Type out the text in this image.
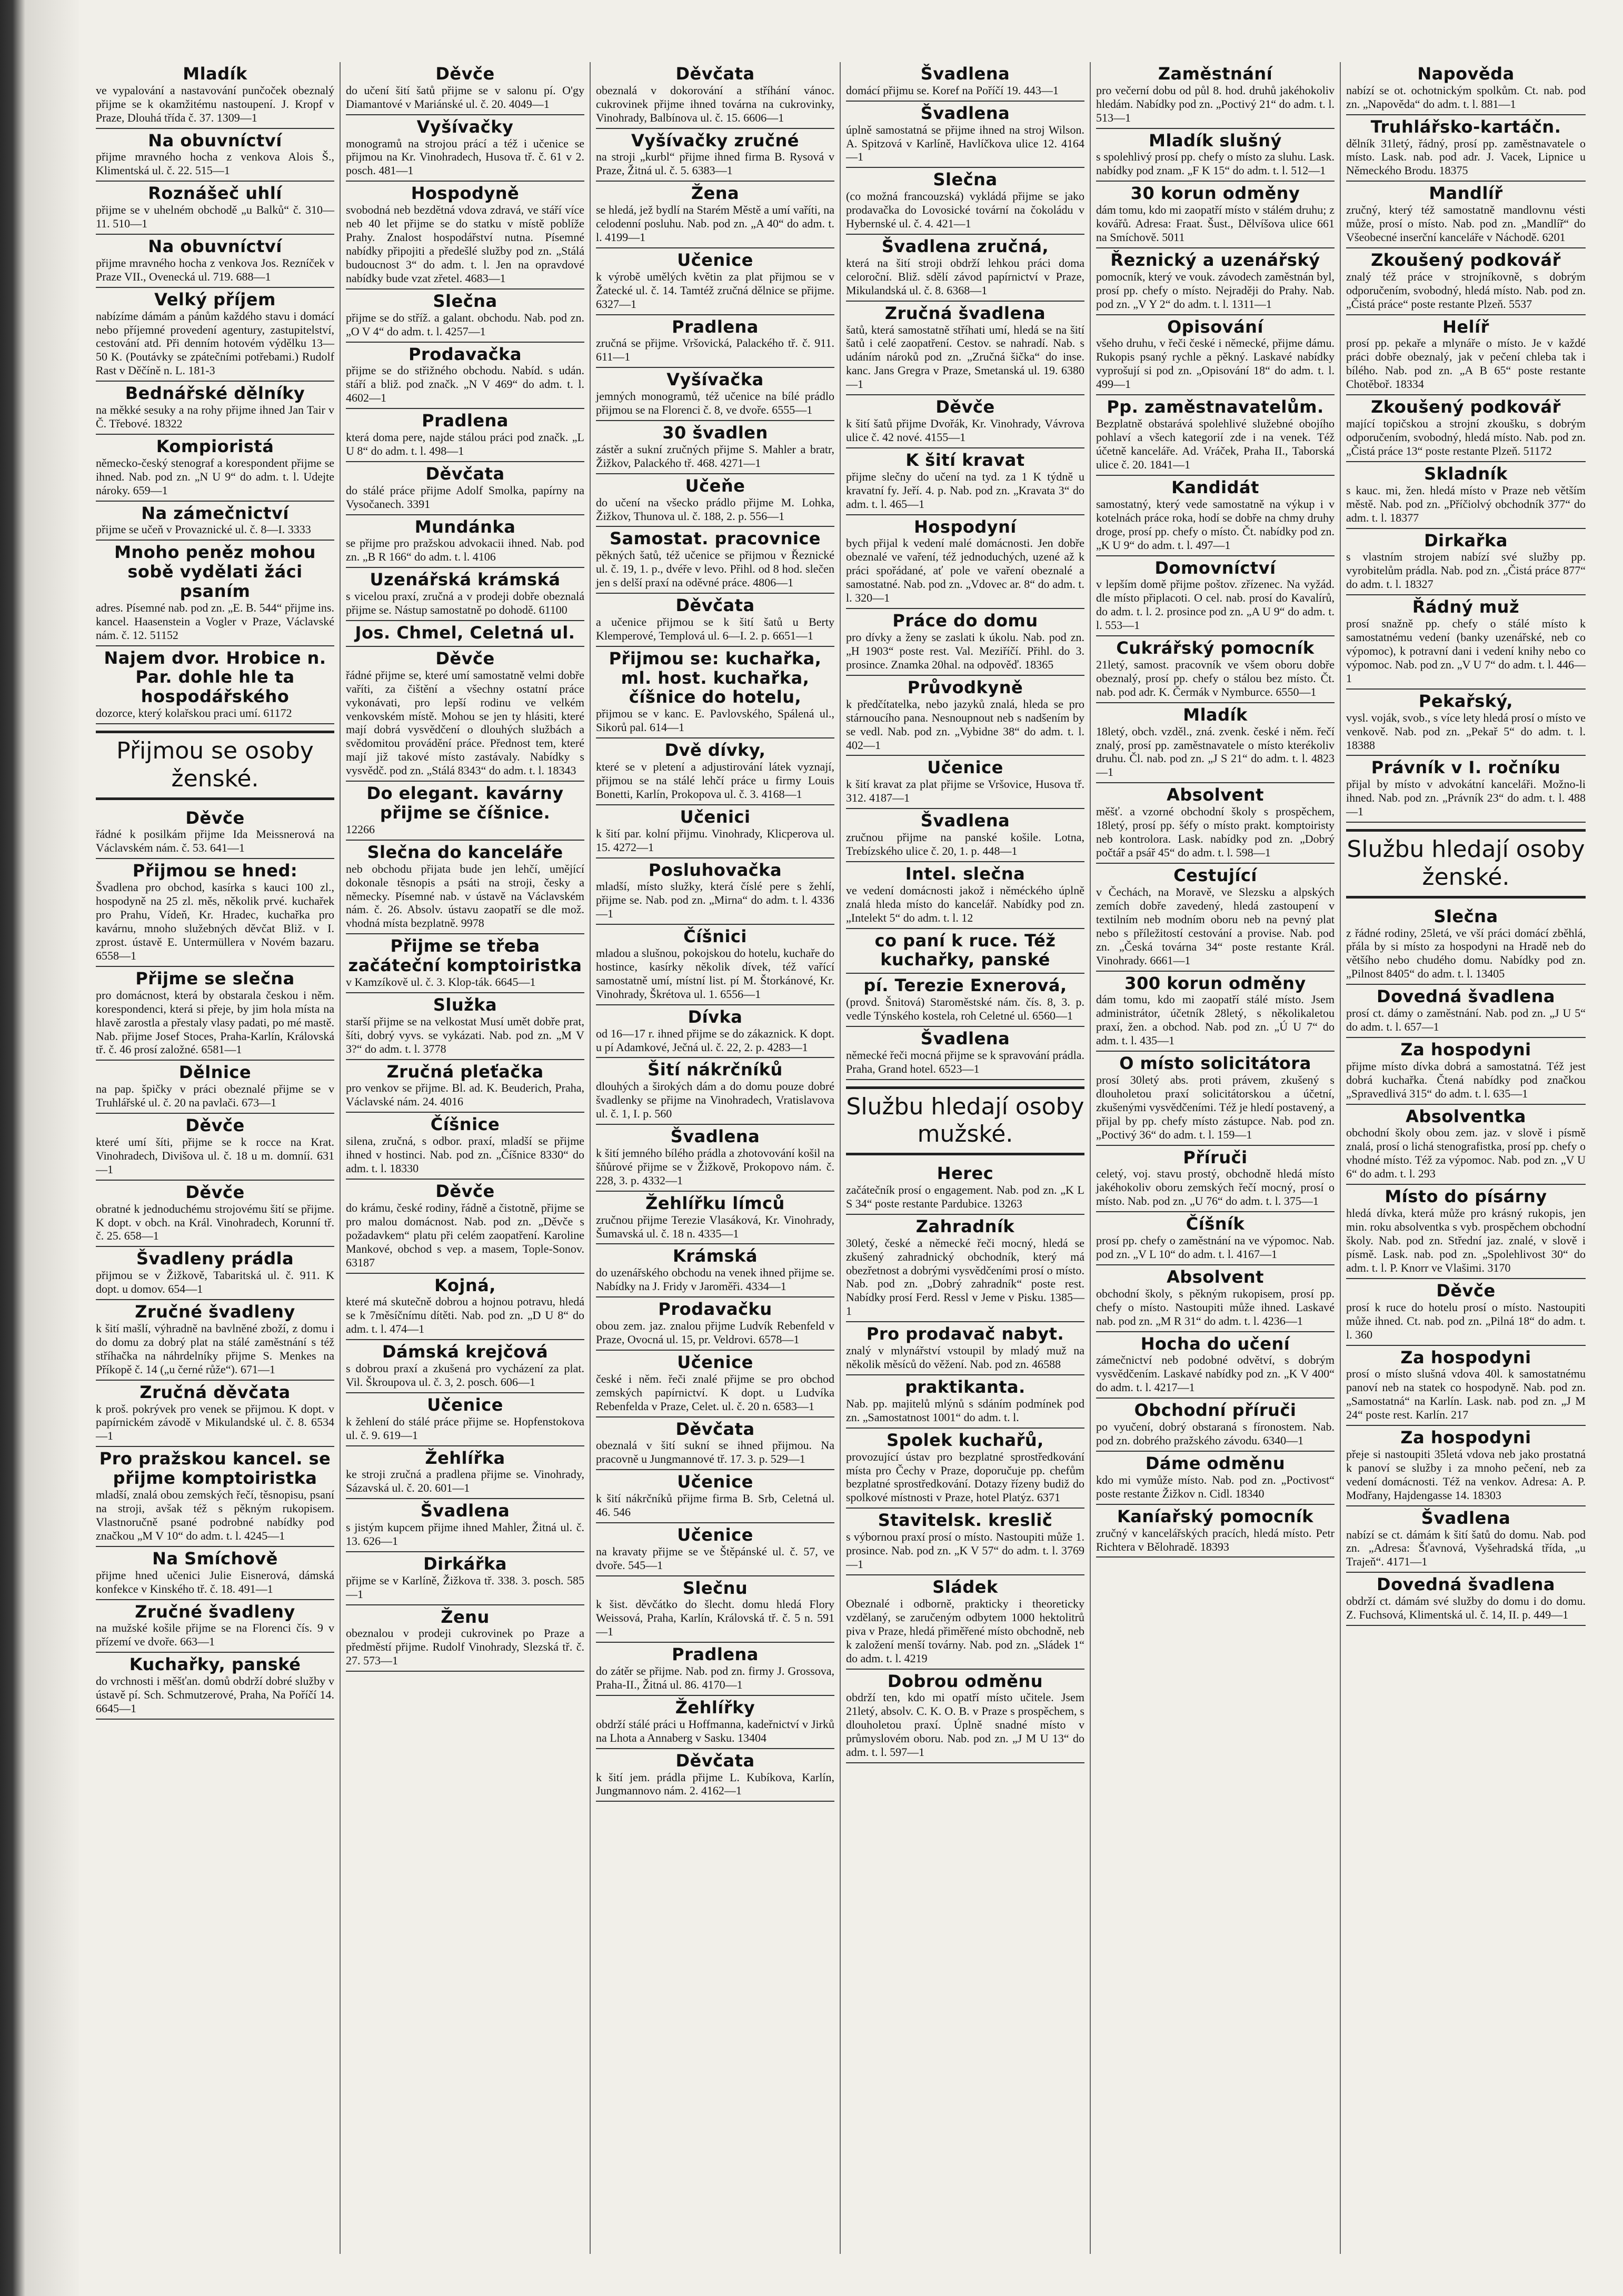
Mladík

ve vypalování a nastavování punčoček obeznalý přijme se k okamžitému nastoupení. J. Kropf v Praze, Dlouhá třída č. 37. 1309—1

Na obuvníctví

přijme mravného hocha z venkova Alois Š., Klimentská ul. č. 22. 515—1

Roznášeč uhlí

přijme se v uhelném obchodě „u Balků“ č. 310—11. 510—1

Na obuvníctví

přijme mravného hocha z venkova Jos. Rezníček v Praze VII., Ovenecká ul. 719. 688—1

Velký příjem

nabízíme dámám a pánům každého stavu i domácí nebo příjemné provedení agentury, zastupitelství, cestování atd. Při denním hotovém výdělku 13—50 K. (Poutávky se zpátečními potřebami.) Rudolf Rast v Děčíně n. L. 181-3

Bednářské dělníky

na měkké sesuky a na rohy přijme ihned Jan Tair v Č. Třebové. 18322

Kompioristá

německo-český stenograf a korespondent přijme se ihned. Nab. pod zn. „N U 9“ do adm. t. l. Udejte nároky. 659—1

Na zámečnictví

přijme se učeň v Provaznické ul. č. 8—I. 3333

Mnoho peněz mohou sobě vydělati žáci psaním

adres. Písemné nab. pod zn. „E. B. 544“ přijme ins. kancel. Haasenstein a Vogler v Praze, Václavské nám. č. 12. 51152

Najem dvor. Hrobice n. Par. dohle hle ta hospodářského

dozorce, který kolařskou praci umí. 61172

Přijmou se osoby ženské.
Děvče

řádné k posilkám přijme Ida Meissnerová na Václavském nám. č. 53. 641—1

Přijmou se hned:

Švadlena pro obchod, kasírka s kauci 100 zl., hospodyně na 25 zl. měs, několik prvé. kuchařek pro Prahu, Vídeň, Kr. Hradec, kuchařka pro kavárnu, mnoho služebných děvčat Bliž. v I. zprost. ústavě E. Untermüllera v Novém bazaru. 6558—1

Přijme se slečna

pro domácnost, která by obstarala českou i něm. korespondenci, která si přeje, by jim hola místa na hlavě zarostla a přestaly vlasy padati, po mé mastě. Nab. přijme Josef Stoces, Praha-Karlín, Královská tř. č. 46 prosí založné. 6581—1

Dělnice

na pap. špičky v práci obeznalé přijme se v Truhlářské ul. č. 20 na pavlači. 673—1

Děvče

které umí šíti, přijme se k rocce na Krat. Vinohradech, Divišova ul. č. 18 u m. domníí. 631—1

Děvče

obratné k jednoduchému strojovému šití se přijme. K dopt. v obch. na Král. Vinohradech, Korunní tř. č. 25. 658—1

Švadleny prádla

přijmou se v Žižkově, Tabaritská ul. č. 911. K dopt. u domov. 654—1

Zručné švadleny

k šití mašlí, výhradně na bavlněné zboží, z domu i do domu za dobrý plat na stálé zaměstnání s též stříhačka na náhrdelníky přijme S. Menkes na Příkopě č. 14 („u černé růže“). 671—1

Zručná děvčata

k proš. pokrývek pro venek se přijmou. K dopt. v papírnickém závodě v Mikulandské ul. č. 8. 6534—1

Pro pražskou kancel. se přijme komptoiristka

mladší, znalá obou zemských řečí, těsnopisu, psaní na stroji, avšak též s pěkným rukopisem. Vlastnoručně psané podrobné nabídky pod značkou „M V 10“ do adm. t. l. 4245—1

Na Smíchově

přijme hned učenici Julie Eisnerová, dámská konfekce v Kinského tř. č. 18. 491—1

Zručné švadleny

na mužské košile přijme se na Florenci čís. 9 v přízemí ve dvoře. 663—1

Kuchařky, panské

do vrchnosti i měšťan. domů obdrží dobré služby v ústavě pí. Sch. Schmutzerové, Praha, Na Poříčí 14. 6645—1

Děvče

do učení šití šatů přijme se v salonu pí. O'gy Diamantové v Mariánské ul. č. 20. 4049—1

Vyšívačky

monogramů na strojou prácí a též i učenice se přijmou na Kr. Vinohradech, Husova tř. č. 61 v 2. posch. 481—1

Hospodyně

svobodná neb bezdětná vdova zdravá, ve stáří více neb 40 let přijme se do statku v místě poblíže Prahy. Znalost hospodářství nutna. Písemné nabídky připojiti a předešlé služby pod zn. „Stálá budoucnost 3“ do adm. t. l. Jen na opravdové nabídky bude vzat zřetel. 4683—1

Slečna

přijme se do stříž. a galant. obchodu. Nab. pod zn. „O V 4“ do adm. t. l. 4257—1

Prodavačka

přijme se do střižného obchodu. Nabíd. s udán. stáří a bliž. pod značk. „N V 469“ do adm. t. l. 4602—1

Pradlena

která doma pere, najde stálou práci pod značk. „L U 8“ do adm. t. l. 498—1

Děvčata

do stálé práce přijme Adolf Smolka, papírny na Vysočanech. 3391

Mundánka

se přijme pro pražskou advokacii ihned. Nab. pod zn. „B R 166“ do adm. t. l. 4106

Uzenářská krámská

s vicelou praxí, zručná a v prodeji dobře obeznalá přijme se. Nástup samostatně po dohodě. 61100

Jos. Chmel, Celetná ul.
Děvče

řádné přijme se, které umí samostatně velmi dobře vaříti, za čištění a všechny ostatní práce vykonávati, pro lepší rodinu ve velkém venkovském místě. Mohou se jen ty hlásiti, které mají dobrá vysvědčení o dlouhých službách a svědomitou provádění práce. Přednost tem, které mají již takové místo zastávaly. Nabídky s vysvědč. pod zn. „Stálá 8343“ do adm. t. l. 18343

Do elegant. kavárny přijme se číšnice.

12266

Slečna do kanceláře

neb obchodu přijata bude jen lehčí, umějící dokonale těsnopis a psáti na stroji, česky a německy. Písemné nab. v ústavě na Václavském nám. č. 26. Absolv. ústavu zaopatří se dle mož. vhodná místa bezplatně. 9978

Přijme se třeba začáteční komptoiristka

v Kamzíkově ul. č. 3. Klop-ták. 6645—1

Služka

starší přijme se na velkostat Musí umět dobře prat, šíti, dobrý vyvs. se vykázati. Nab. pod zn. „M V 3?“ do adm. t. l. 3778

Zručná pleťačka

pro venkov se přijme. Bl. ad. K. Beuderich, Praha, Václavské nám. 24. 4016

Číšnice

silena, zručná, s odbor. praxí, mladší se přijme ihned v hostinci. Nab. pod zn. „Číšnice 8330“ do adm. t. l. 18330

Děvče

do krámu, české rodiny, řádně a čistotně, přijme se pro malou domácnost. Nab. pod zn. „Děvče s požadavkem“ platu při celém zaopatření. Karoline Mankové, obchod s vep. a masem, Tople-Sonov. 63187

Kojná,

které má skutečně dobrou a hojnou potravu, hledá se k 7měsíčnímu dítěti. Nab. pod zn. „D U 8“ do adm. t. l. 474—1

Dámská krejčová

s dobrou praxí a zkušená pro vycházení za plat. Vil. Škroupova ul. č. 3, 2. posch. 606—1

Učenice

k žehlení do stálé práce přijme se. Hopfenstokova ul. č. 9. 619—1

Žehlířka

ke stroji zručná a pradlena přijme se. Vinohrady, Sázavská ul. č. 20. 601—1

Švadlena

s jistým kupcem přijme ihned Mahler, Žitná ul. č. 13. 626—1

Dirkářka

přijme se v Karlíně, Žižkova tř. 338. 3. posch. 585—1

Ženu

obeznalou v prodeji cukrovinek po Praze a předměstí přijme. Rudolf Vinohrady, Slezská tř. č. 27. 573—1

Děvčata

obeznalá v dokorování a stříhání vánoc. cukrovinek přijme ihned továrna na cukrovinky, Vinohrady, Balbínova ul. č. 15. 6606—1

Vyšívačky zručné

na stroji „kurbl“ přijme ihned firma B. Rysová v Praze, Žitná ul. č. 5. 6383—1

Žena

se hledá, jež bydlí na Starém Městě a umí vaříti, na celodenní posluhu. Nab. pod zn. „A 40“ do adm. t. l. 4199—1

Učenice

k výrobě umělých květin za plat přijmou se v Žatecké ul. č. 14. Tamtéž zručná dělnice se přijme. 6327—1

Pradlena

zručná se přijme. Vršovická, Palackého tř. č. 911. 611—1

Vyšívačka

jemných monogramů, též učenice na bílé prádlo přijmou se na Florenci č. 8, ve dvoře. 6555—1

30 švadlen

zástěr a sukní zručných přijme S. Mahler a bratr, Žižkov, Palackého tř. 468. 4271—1

Učeňe

do učení na všecko prádlo přijme M. Lohka, Žižkov, Thunova ul. č. 188, 2. p. 556—1

Samostat. pracovnice

pěkných šatů, též učenice se přijmou v Řeznické ul. č. 19, 1. p., dvéře v levo. Přihl. od 8 hod. slečen jen s delší praxí na oděvné práce. 4806—1

Děvčata

a učenice přijmou se k šití šatů u Berty Klemperové, Templová ul. 6—I. 2. p. 6651—1

Přijmou se: kuchařka, ml. host. kuchařka, číšnice do hotelu,

přijmou se v kanc. E. Pavlovského, Spálená ul., Sikorů pal. 614—1

Dvě dívky,

které se v pletení a adjustirování látek vyznají, přijmou se na stálé lehčí práce u firmy Louis Bonetti, Karlín, Prokopova ul. č. 3. 4168—1

Učenici

k šití par. kolní přijmu. Vinohrady, Klicperova ul. 15. 4272—1

Posluhovačka

mladší, místo služky, která číslé pere s žehlí, přijme se. Nab. pod zn. „Mirna“ do adm. t. l. 4336—1

Číšnici

mladou a slušnou, pokojskou do hotelu, kuchaře do hostince, kasírky několik dívek, též vařící samostatně umí, místní list. pí M. Štorkánové, Kr. Vinohrady, Škrétova ul. 1. 6556—1

Dívka

od 16—17 r. ihned přijme se do zákaznick. K dopt. u pí Adamkové, Ječná ul. č. 22, 2. p. 4283—1

Šití nákrčníků

dlouhých a širokých dám a do domu pouze dobré švadlenky se přijme na Vinohradech, Vratislavova ul. č. 1, I. p. 560

Švadlena

k šití jemného bílého prádla a zhotovování košil na šňůrové přijme se v Žižkově, Prokopovo nám. č. 228, 3. p. 4332—1

Žehlířku límců

zručnou přijme Terezie Vlasáková, Kr. Vinohrady, Šumavská ul. č. 18 n. 4335—1

Krámská

do uzenářského obchodu na venek ihned přijme se. Nabídky na J. Fridy v Jaroměři. 4334—1

Prodavačku

obou zem. jaz. znalou přijme Ludvík Rebenfeld v Praze, Ovocná ul. 15, pr. Veldrovi. 6578—1

Učenice

české i něm. řeči znalé přijme se pro obchod zemských papírnictví. K dopt. u Ludvíka Rebenfelda v Praze, Celet. ul. č. 20 n. 6583—1

Děvčata

obeznalá v šití sukní se ihned přijmou. Na pracovně u Jungmannové tř. 17. 3. p. 529—1

Učenice

k šití nákrčníků přijme firma B. Srb, Celetná ul. 46. 546

Učenice

na kravaty přijme se ve Štěpánské ul. č. 57, ve dvoře. 545—1

Slečnu

k šist. děvčátko do šlecht. domu hledá Flory Weissová, Praha, Karlín, Královská tř. č. 5 n. 591—1

Pradlena

do zátěr se přijme. Nab. pod zn. firmy J. Grossova, Praha-II., Žitná ul. 86. 4170—1

Žehlířky

obdrží stálé práci u Hoffmanna, kadeřnictví v Jirků na Lhota a Annaberg v Sasku. 13404

Děvčata

k šití jem. prádla přijme L. Kubíkova, Karlín, Jungmannovo nám. 2. 4162—1

Švadlena

domácí přijmu se. Koref na Poříčí 19. 443—1

Švadlena

úplně samostatná se přijme ihned na stroj Wilson. A. Spitzová v Karlíně, Havlíčkova ulice 12. 4164—1

Slečna

(co možná francouzská) vykládá přijme se jako prodavačka do Lovosické tovární na čokoládu v Hybernské ul. č. 4. 421—1

Švadlena zručná,

která na šití stroji obdrží lehkou práci doma celoroční. Bliž. sdělí závod papírnictví v Praze, Mikulandská ul. č. 8. 6368—1

Zručná švadlena

šatů, která samostatně stříhati umí, hledá se na šití šatů i celé zaopatření. Cestov. se nahradí. Nab. s udáním nároků pod zn. „Zručná šička“ do inse. kanc. Jans Gregra v Praze, Smetanská ul. 19. 6380—1

Děvče

k šití šatů přijme Dvořák, Kr. Vinohrady, Vávrova ulice č. 42 nové. 4155—1

K šití kravat

přijme slečny do učení na tyd. za 1 K týdně u kravatní fy. Jeří. 4. p. Nab. pod zn. „Kravata 3“ do adm. t. l. 465—1

Hospodyní

bych přijal k vedení malé domácnosti. Jen dobře obeznalé ve vaření, též jednoduchých, uzené až k práci spořádané, ať pole ve vaření obeznalé a samostatné. Nab. pod zn. „Vdovec ar. 8“ do adm. t. l. 320—1

Práce do domu

pro dívky a ženy se zaslati k úkolu. Nab. pod zn. „H 1903“ poste rest. Val. Meziříčí. Přihl. do 3. prosince. Znamka 20hal. na odpověď. 18365

Průvodkyně

k předčítatelka, nebo jazyků znalá, hleda se pro stárnoucího pana. Nesnoupnout neb s nadšením by se vedl. Nab. pod zn. „Vybidne 38“ do adm. t. l. 402—1

Učenice

k šití kravat za plat přijme se Vršovice, Husova tř. 312. 4187—1

Švadlena

zručnou přijme na panské košile. Lotna, Trebízského ulice č. 20, 1. p. 448—1

Intel. slečna

ve vedení domácnosti jakož i něméckého úplně znalá hleda místo do kancelář. Nabídky pod zn. „Intelekt 5“ do adm. t. l. 12

co paní k ruce. Též kuchařky, panské
pí. Terezie Exnerová,

(provd. Šnitová) Staroměstské nám. čís. 8, 3. p. vedle Týnského kostela, roh Celetné ul. 6560—1

Švadlena

německé řeči mocná přijme se k spravování prádla. Praha, Grand hotel. 6523—1

Službu hledají osoby mužské.
Herec

začátečník prosí o engagement. Nab. pod zn. „K L S 34“ poste restante Pardubice. 13263

Zahradník

30letý, české a německé řeči mocný, hledá se zkušený zahradnický obchodník, který má obezřetnost a dobrými vysvědčeními prosí o místo. Nab. pod zn. „Dobrý zahradník“ poste rest. Nabídky prosí Ferd. Ressl v Jeme v Pisku. 1385—1

Pro prodavač nabyt.

znalý v mlynářství vstoupil by mladý muž na několik měsíců do věžení. Nab. pod zn. 46588

praktikanta.

Nab. pp. majitelů mlýnů s sdáním podmínek pod zn. „Samostatnost 1001“ do adm. t. l.

Spolek kuchařů,

provozující ústav pro bezplatné sprostředkování místa pro Čechy v Praze, doporučuje pp. chefům bezplatné sprostředkování. Dotazy řízeny budiž do spolkové místnosti v Praze, hotel Platýz. 6371

Stavitelsk. kreslič

s výbornou praxí prosí o místo. Nastoupiti může 1. prosince. Nab. pod zn. „K V 57“ do adm. t. l. 3769—1

Sládek

Obeznalé i odborně, prakticky i theoreticky vzdělaný, se zaručeným odbytem 1000 hektolitrů piva v Praze, hledá přiměřené místo obchodně, neb k založení menší továrny. Nab. pod zn. „Sládek 1“ do adm. t. l. 4219

Dobrou odměnu

obdrží ten, kdo mi opatří místo učitele. Jsem 21letý, absolv. C. K. O. B. v Praze s prospěchem, s dlouholetou praxí. Úplně snadné místo v průmyslovém oboru. Nab. pod zn. „J M U 13“ do adm. t. l. 597—1

Zaměstnání

pro večerní dobu od půl 8. hod. druhů jakéhokoliv hledám. Nabídky pod zn. „Poctivý 21“ do adm. t. l. 513—1

Mladík slušný

s spolehlivý prosí pp. chefy o místo za sluhu. Lask. nabídky pod znam. „F K 15“ do adm. t. l. 512—1

30 korun odměny

dám tomu, kdo mi zaopatří místo v stálém druhu; z kovářů. Adresa: Fraat. Šust., Dělvíšova ulice 661 na Smíchově. 5011

Řeznický a uzenářský

pomocník, který ve vouk. závodech zaměstnán byl, prosí pp. chefy o místo. Nejraději do Prahy. Nab. pod zn. „V Y 2“ do adm. t. l. 1311—1

Opisování

všeho druhu, v řeči české i německé, přijme dámu. Rukopis psaný rychle a pěkný. Laskavé nabídky vyprošují si pod zn. „Opisování 18“ do adm. t. l. 499—1

Pp. zaměstnavatelům.

Bezplatně obstarává spolehlivé služebné obojího pohlaví a všech kategorií zde i na venek. Též účetně kanceláře. Ad. Vráček, Praha II., Taborská ulice č. 20. 1841—1

Kandidát

samostatný, který vede samostatně na výkup i v kotelnách práce roka, hodí se dobře na chmy druhy droge, prosí pp. chefy o místo. Čt. nabídky pod zn. „K U 9“ do adm. t. l. 497—1

Domovníctví

v lepším domě přijme poštov. zřízenec. Na vyžád. dle místo připlacoti. O cel. nab. prosí do Kavalírů, do adm. t. l. 2. prosince pod zn. „A U 9“ do adm. t. l. 553—1

Cukrářský pomocník

21letý, samost. pracovník ve všem oboru dobře obeznalý, prosí pp. chefy o stálou bez místo. Čt. nab. pod adr. K. Čermák v Nymburce. 6550—1

Mladík

18letý, obch. vzděl., zná. zvenk. české i něm. řečí znalý, prosí pp. zaměstnavatele o místo kterékoliv druhu. Čl. nab. pod zn. „J S 21“ do adm. t. l. 4823—1

Absolvent

měšť. a vzorné obchodní školy s prospěchem, 18letý, prosí pp. šéfy o místo prakt. komptoiristy neb kontrolora. Lask. nabídky pod zn. „Dobrý počtář a psář 45“ do adm. t. l. 598—1

Cestující

v Čechách, na Moravě, ve Slezsku a alpských zemích dobře zavedený, hledá zastoupení v textilním neb modním oboru neb na pevný plat nebo s příležitostí cestování a provise. Nab. pod zn. „Česká továrna 34“ poste restante Král. Vinohrady. 6661—1

300 korun odměny

dám tomu, kdo mi zaopatří stálé místo. Jsem administrátor, účetník 28letý, s několikaletou praxí, žen. a obchod. Nab. pod zn. „Ú U 7“ do adm. t. l. 435—1

O místo solicitátora

prosí 30letý abs. proti právem, zkušený s dlouholetou praxí solicitátorskou a účetní, zkušenými vysvědčeními. Též je hledí postavený, a přijal by pp. chefy místo zástupce. Nab. pod zn. „Poctivý 36“ do adm. t. l. 159—1

Příruči

celetý, voj. stavu prostý, obchodně hledá místo jakéhokoliv oboru zemských řečí mocný, prosí o místo. Nab. pod zn. „U 76“ do adm. t. l. 375—1

Číšník

prosí pp. chefy o zaměstnání na ve výpomoc. Nab. pod zn. „V L 10“ do adm. t. l. 4167—1

Absolvent

obchodní školy, s pěkným rukopisem, prosí pp. chefy o místo. Nastoupiti může ihned. Laskavé nab. pod zn. „M R 31“ do adm. t. l. 4236—1

Hocha do učení

zámečnictví neb podobné odvětví, s dobrým vysvědčením. Laskavé nabídky pod zn. „K V 400“ do adm. t. l. 4217—1

Obchodní příruči

po vyučení, dobrý obstaraná s fíronostem. Nab. pod zn. dobrého pražského závodu. 6340—1

Dáme odměnu

kdo mi vymůže místo. Nab. pod zn. „Poctivost“ poste restante Žižkov n. Cidl. 18340

Kaníařský pomocník

zručný v kancelářských pracích, hledá místo. Petr Richtera v Bělohradě. 18393

Napověda

nabízí se ot. ochotnickým spolkům. Ct. nab. pod zn. „Napověda“ do adm. t. l. 881—1

Truhlářsko-kartáčn.

dělník 31letý, řádný, prosí pp. zaměstnavatele o místo. Lask. nab. pod adr. J. Vacek, Lipnice u Německého Brodu. 18375

Mandlíř

zručný, který též samostatně mandlovnu vésti může, prosí o místo. Nab. pod zn. „Mandlíř“ do Všeobecné inserční kanceláře v Náchodě. 6201

Zkoušený podkovář

znalý též práce v strojníkovně, s dobrým odporučením, svobodný, hledá místo. Nab. pod zn. „Čistá práce“ poste restante Plzeň. 5537

Helíř

prosí pp. pekaře a mlynáře o místo. Je v každé práci dobře obeznalý, jak v pečení chleba tak i bílého. Nab. pod zn. „A B 65“ poste restante Chotěboř. 18334

Zkoušený podkovář

mající topičskou a strojní zkoušku, s dobrým odporučením, svobodný, hledá místo. Nab. pod zn. „Čistá práce 13“ poste restante Plzeň. 51172

Skladník

s kauc. mi, žen. hledá místo v Praze neb větším městě. Nab. pod zn. „Příčiolvý obchodník 377“ do adm. t. l. 18377

Dirkařka

s vlastním strojem nabízí své služby pp. vyrobitelům prádla. Nab. pod zn. „Čistá práce 877“ do adm. t. l. 18327

Řádný muž

prosí snažně pp. chefy o stálé místo k samostatnému vedení (banky uzenářské, neb co výpomoc), k potravní dani i vedení knihy nebo co výpomoc. Nab. pod zn. „V U 7“ do adm. t. l. 446—1

Pekařský,

vysl. voják, svob., s více lety hledá prosí o místo ve venkově. Nab. pod zn. „Pekař 5“ do adm. t. l. 18388

Právník v I. ročníku

přijal by místo v advokátní kanceláři. Možno-li ihned. Nab. pod zn. „Právník 23“ do adm. t. l. 488—1

Službu hledají osoby ženské.
Slečna

z řádné rodiny, 25letá, ve vší práci domácí zběhlá, přála by si místo za hospodyni na Hradě neb do většího nebo chudého domu. Nabídky pod zn. „Pilnost 8405“ do adm. t. l. 13405

Dovedná švadlena

prosí ct. dámy o zaměstnání. Nab. pod zn. „J U 5“ do adm. t. l. 657—1

Za hospodyni

přijme místo dívka dobrá a samostatná. Též jest dobrá kuchařka. Čtená nabídky pod značkou „Spravedlivá 315“ do adm. t. l. 635—1

Absolventka

obchodní školy obou zem. jaz. v slově i písmě znalá, prosí o lichá stenografistka, prosí pp. chefy o vhodné místo. Též za výpomoc. Nab. pod zn. „V U 6“ do adm. t. l. 293

Místo do písárny

hledá dívka, která může pro krásný rukopis, jen min. roku absolventka s vyb. prospěchem obchodní školy. Nab. pod zn. Střední jaz. znalé, v slově i písmě. Lask. nab. pod zn. „Spolehlivost 30“ do adm. t. l. P. Knorr ve Vlašimi. 3170

Děvče

prosí k ruce do hotelu prosí o místo. Nastoupiti může ihned. Ct. nab. pod zn. „Pilná 18“ do adm. t. l. 360

Za hospodyni

prosí o místo slušná vdova 40l. k samostatnému panoví neb na statek co hospodyně. Nab. pod zn. „Samostatná“ na Karlín. Lask. nab. pod zn. „J M 24“ poste rest. Karlín. 217

Za hospodyni

přeje si nastoupiti 35letá vdova neb jako prostatná k panoví se služby i za mnoho pečení, neb za vedení domácnosti. Též na venkov. Adresa: A. P. Modřany, Hajdengasse 14. 18303

Švadlena

nabízí se ct. dámám k šití šatů do domu. Nab. pod zn. „Adresa: Šťavnová, Vyšehradská třída, „u Trajeň“. 4171—1

Dovedná švadlena

obdrží ct. dámám své služby do domu i do domu. Z. Fuchsová, Klimentská ul. č. 14, II. p. 449—1
